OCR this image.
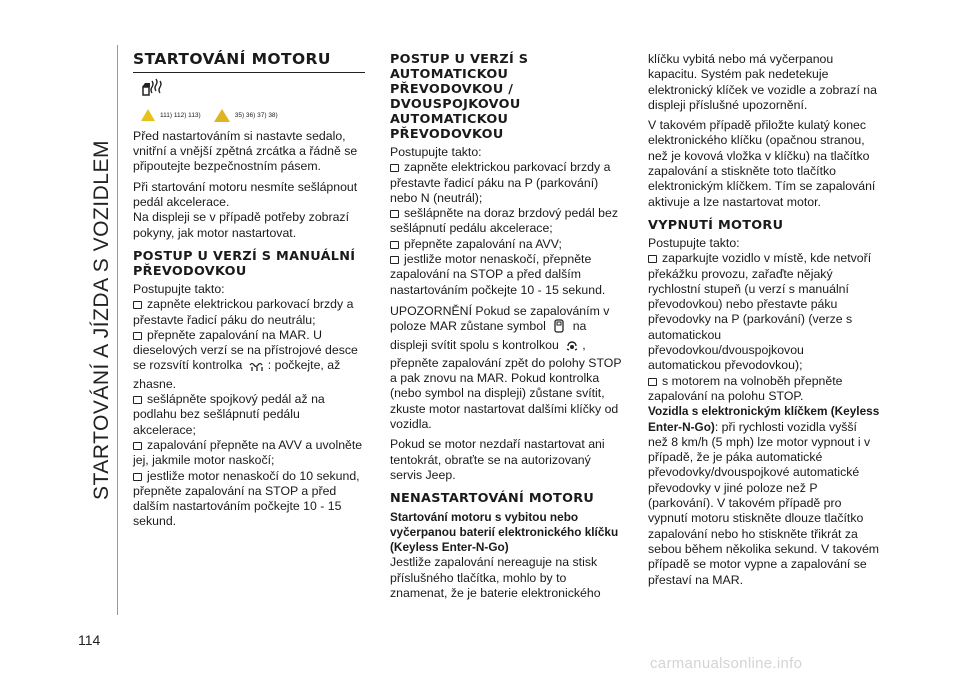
STARTOVÁNÍ A JÍZDA S VOZIDLEM
114
STARTOVÁNÍ MOTORU
111) 112) 113)	35) 36) 37) 38)

Před nastartováním si nastavte sedalo, vnitřní a vnější zpětná zrcátka a řádně se připoutejte bezpečnostním pásem.

Při startování motoru nesmíte sešlápnout pedál akcelerace.

Na displeji se v případě potřeby zobrazí pokyny, jak motor nastartovat.

POSTUP U VERZÍ S MANUÁLNÍ PŘEVODOVKOU

Postupujte takto:

zapněte elektrickou parkovací brzdy a přestavte řadicí páku do neutrálu;
přepněte zapalování na MAR. U dieselových verzí se na přístrojové desce se rozsvítí kontrolka : počkejte, až zhasne.
sešlápněte spojkový pedál až na podlahu bez sešlápnutí pedálu akcelerace;
zapalování přepněte na AVV a uvolněte jej, jakmile motor naskočí;
jestliže motor nenaskočí do 10 sekund, přepněte zapalování na STOP a před dalším nastartováním počkejte 10 - 15 sekund.
POSTUP U VERZÍ S AUTOMATICKOU PŘEVODOVKOU / DVOUSPOJKOVOU AUTOMATICKOU PŘEVODOVKOU

Postupujte takto:

zapněte elektrickou parkovací brzdy a přestavte řadicí páku na P (parkování) nebo N (neutrál);
sešlápněte na doraz brzdový pedál bez sešlápnutí pedálu akcelerace;
přepněte zapalování na AVV;
jestliže motor nenaskočí, přepněte zapalování na STOP a před dalším nastartováním počkejte 10 - 15 sekund.

UPOZORNĚNÍ Pokud se zapalováním v poloze MAR zůstane symbol na displeji svítit spolu s kontrolkou , přepněte zapalování zpět do polohy STOP a pak znovu na MAR. Pokud kontrolka (nebo symbol na displeji) zůstane svítit, zkuste motor nastartovat dalšími klíčky od vozidla.

Pokud se motor nezdaří nastartovat ani tentokrát, obraťte se na autorizovaný servis Jeep.

NENASTARTOVÁNÍ MOTORU
Startování motoru s vybitou nebo vyčerpanou baterií elektronického klíčku (Keyless Enter-N-Go)

Jestliže zapalování nereaguje na stisk příslušného tlačítka, mohlo by to znamenat, že je baterie elektronického

klíčku vybitá nebo má vyčerpanou kapacitu. Systém pak nedetekuje elektronický klíček ve vozidle a zobrazí na displeji příslušné upozornění.

V takovém případě přiložte kulatý konec elektronického klíčku (opačnou stranou, než je kovová vložka v klíčku) na tlačítko zapalování a stiskněte toto tlačítko elektronickým klíčkem. Tím se zapalování aktivuje a lze nastartovat motor.

VYPNUTÍ MOTORU

Postupujte takto:

zaparkujte vozidlo v místě, kde netvoří překážku provozu, zařaďte nějaký rychlostní stupeň (u verzí s manuální převodovkou) nebo přestavte páku převodovky na P (parkování) (verze s automatickou převodovkou/dvouspojkovou automatickou převodovkou);
s motorem na volnoběh přepněte zapalování na polohu STOP.

Vozidla s elektronickým klíčkem (Keyless Enter-N-Go): při rychlosti vozidla vyšší než 8 km/h (5 mph) lze motor vypnout i v případě, že je páka automatické převodovky/dvouspojkové automatické převodovky v jiné poloze než P (parkování). V takovém případě pro vypnutí motoru stiskněte dlouze tlačítko zapalování nebo ho stiskněte třikrát za sebou během několika sekund. V takovém případě se motor vypne a zapalování se přestaví na MAR.

carmanualsonline.info
